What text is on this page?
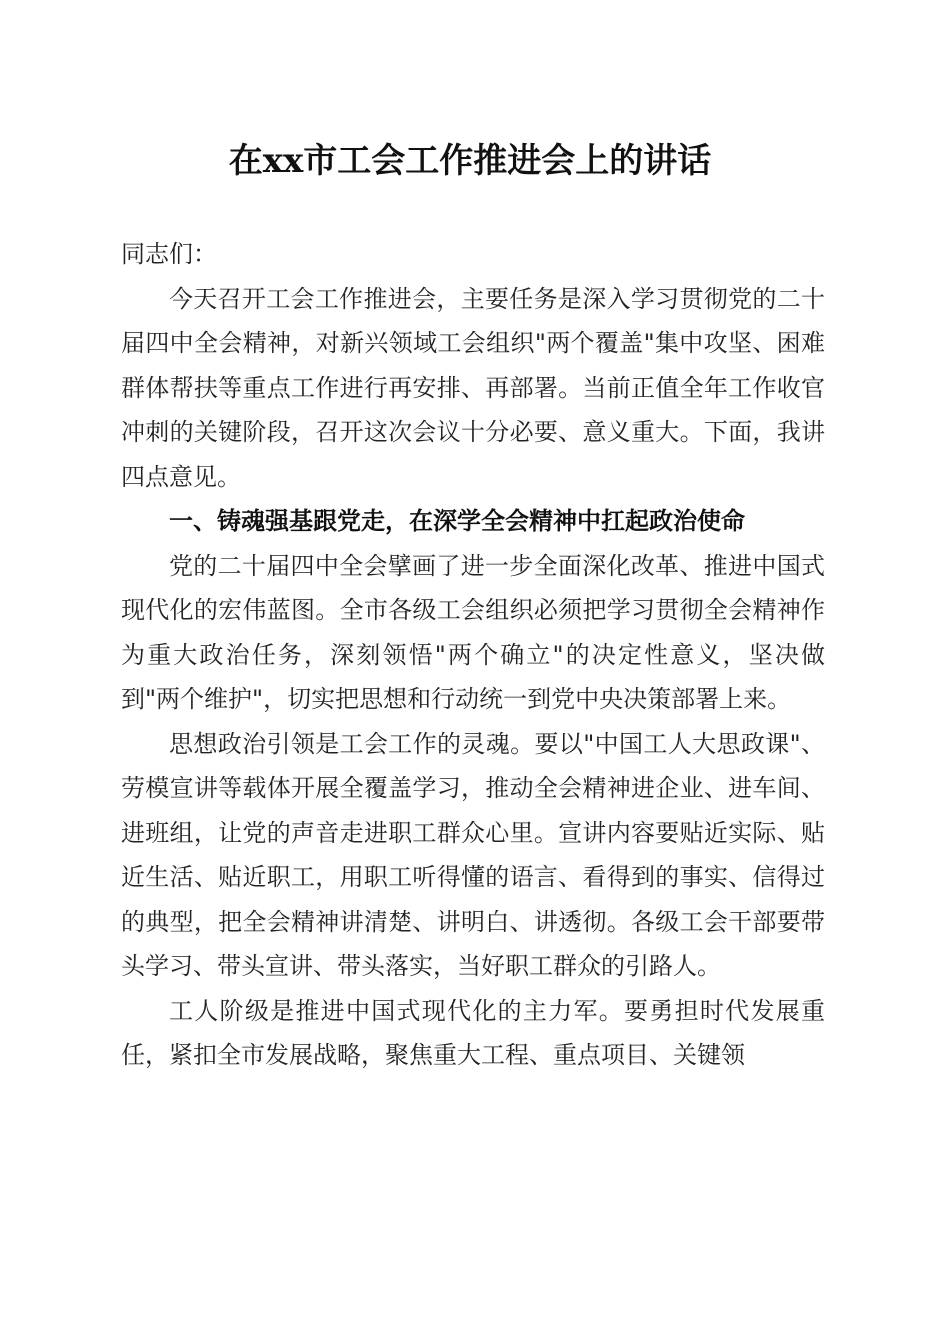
在xx市工会工作推进会上的讲话

同志们：

今天召开工会工作推进会，主要任务是深入学习贯彻党的二十届四中全会精神，对新兴领域工会组织"两个覆盖"集中攻坚、困难群体帮扶等重点工作进行再安排、再部署。当前正值全年工作收官冲刺的关键阶段，召开这次会议十分必要、意义重大。下面，我讲四点意见。

一、铸魂强基跟党走，在深学全会精神中扛起政治使命

党的二十届四中全会擘画了进一步全面深化改革、推进中国式现代化的宏伟蓝图。全市各级工会组织必须把学习贯彻全会精神作为重大政治任务，深刻领悟"两个确立"的决定性意义，坚决做到"两个维护"，切实把思想和行动统一到党中央决策部署上来。

思想政治引领是工会工作的灵魂。要以"中国工人大思政课"、劳模宣讲等载体开展全覆盖学习，推动全会精神进企业、进车间、进班组，让党的声音走进职工群众心里。宣讲内容要贴近实际、贴近生活、贴近职工，用职工听得懂的语言、看得到的事实、信得过的典型，把全会精神讲清楚、讲明白、讲透彻。各级工会干部要带头学习、带头宣讲、带头落实，当好职工群众的引路人。

工人阶级是推进中国式现代化的主力军。要勇担时代发展重任，紧扣全市发展战略，聚焦重大工程、重点项目、关键领
